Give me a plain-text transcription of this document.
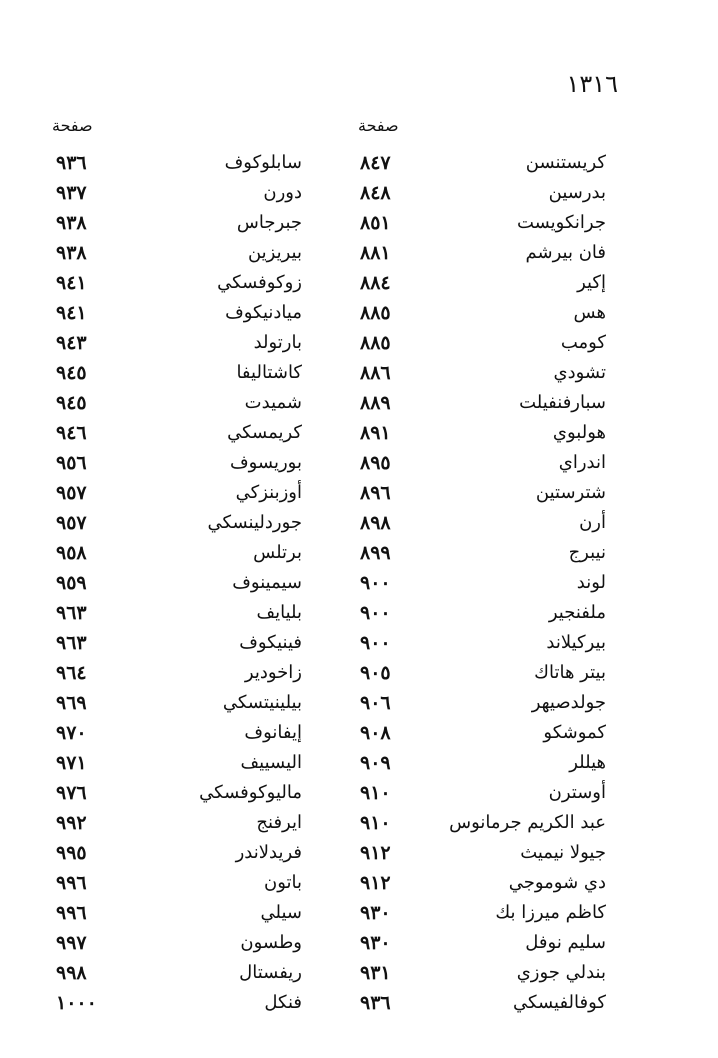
١٣١٦
صفحة	صفحة
كريستنسن
٨٤٧
سابلوكوف
٩٣٦
بدرسين
٨٤٨
دورن
٩٣٧
جرانكويست
٨٥١
جبرجاس
٩٣٨
فان بيرشم
٨٨١
بيريزين
٩٣٨
إكير
٨٨٤
زوكوفسكي
٩٤١
هس
٨٨٥
ميادنيكوف
٩٤١
كومب
٨٨٥
بارتولد
٩٤٣
تشودي
٨٨٦
كاشتاليفا
٩٤٥
سبارفنفيلت
٨٨٩
شميدت
٩٤٥
هولبوي
٨٩١
كريمسكي
٩٤٦
اندراي
٨٩٥
بوريسوف
٩٥٦
شترستين
٨٩٦
أوزبنزكي
٩٥٧
أرن
٨٩٨
جوردلينسكي
٩٥٧
نيبرج
٨٩٩
برتلس
٩٥٨
لوند
٩٠٠
سيمينوف
٩٥٩
ملفنجير
٩٠٠
بليايف
٩٦٣
بيركيلاند
٩٠٠
فينيكوف
٩٦٣
بيتر هاتاك
٩٠٥
زاخودير
٩٦٤
جولدصيهر
٩٠٦
بيلينيتسكي
٩٦٩
كموشكو
٩٠٨
إيفانوف
٩٧٠
هيللر
٩٠٩
اليسييف
٩٧١
أوسترن
٩١٠
ماليوكوفسكي
٩٧٦
عبد الكريم جرمانوس
٩١٠
ايرفنج
٩٩٢
جيولا نيميث
٩١٢
فريدلاندر
٩٩٥
دي شوموجي
٩١٢
باتون
٩٩٦
كاظم ميرزا بك
٩٣٠
سيلي
٩٩٦
سليم نوفل
٩٣٠
وطسون
٩٩٧
بندلي جوزي
٩٣١
ريفستال
٩٩٨
كوفالفيسكي
٩٣٦
فنكل
١٠٠٠
